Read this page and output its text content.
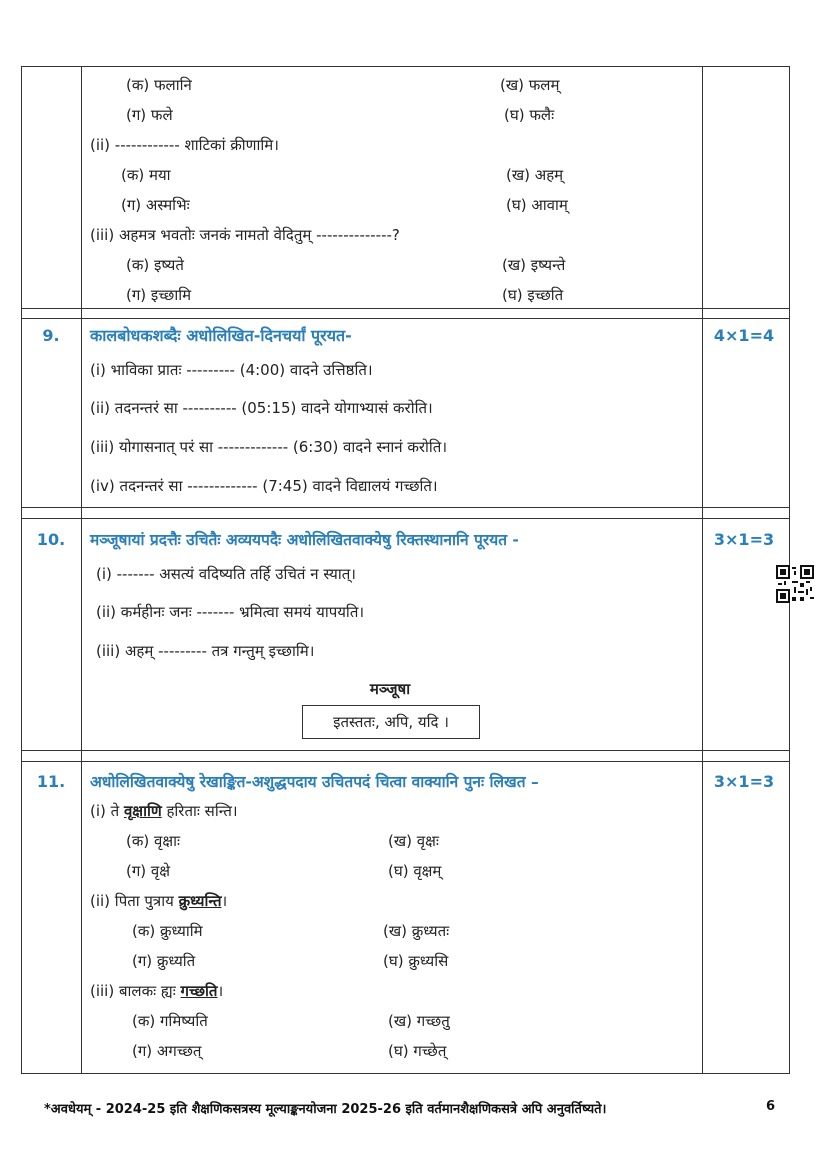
(क) फलानि	(ख) फलम्
(ग) फले	(घ) फलैः
(ii) ------------ शाटिकां क्रीणामि।
(क) मया	(ख) अहम्
(ग) अस्मभिः	(घ) आवाम्
(iii) अहमत्र भवतोः जनकं नामतो वेदितुम् --------------?
(क) इष्यते	(ख) इष्यन्ते
(ग) इच्छामि	(घ) इच्छति
9.	कालबोधकशब्दैः अधोलिखित-दिनचर्यां पूरयत-	4×1=4
(i) भाविका प्रातः --------- (4:00) वादने उत्तिष्ठति।
(ii) तदनन्तरं सा ---------- (05:15) वादने योगाभ्यासं करोति।
(iii) योगासनात् परं सा ------------- (6:30) वादने स्नानं करोति।
(iv) तदनन्तरं सा ------------- (7:45) वादने विद्यालयं गच्छति।
10.	मञ्जूषायां प्रदत्तैः उचितैः अव्ययपदैः अधोलिखितवाक्येषु रिक्तस्थानानि पूरयत -	3×1=3
(i) ------- असत्यं वदिष्यति तर्हि उचितं न स्यात्।
(ii) कर्महीनः जनः ------- भ्रमित्वा समयं यापयति।
(iii) अहम् --------- तत्र गन्तुम् इच्छामि।
मञ्जूषा
इतस्ततः, अपि, यदि ।
11.	अधोलिखितवाक्येषु रेखाङ्कित-अशुद्धपदाय उचितपदं चित्वा वाक्यानि पुनः लिखत –	3×1=3
(i) ते वृक्षाणि हरिताः सन्ति।
(क) वृक्षाः	(ख) वृक्षः
(ग) वृक्षे	(घ) वृक्षम्
(ii) पिता पुत्राय क्रुध्यन्ति।
(क) क्रुध्यामि	(ख) क्रुध्यतः
(ग) क्रुध्यति	(घ) क्रुध्यसि
(iii) बालकः ह्यः गच्छति।
(क) गमिष्यति	(ख) गच्छतु
(ग) अगच्छत्	(घ) गच्छेत्
*अवधेयम् - 2024-25 इति शैक्षणिकसत्रस्य मूल्याङ्कनयोजना 2025-26 इति वर्तमानशैक्षणिकसत्रे अपि अनुवर्तिष्यते।	6
